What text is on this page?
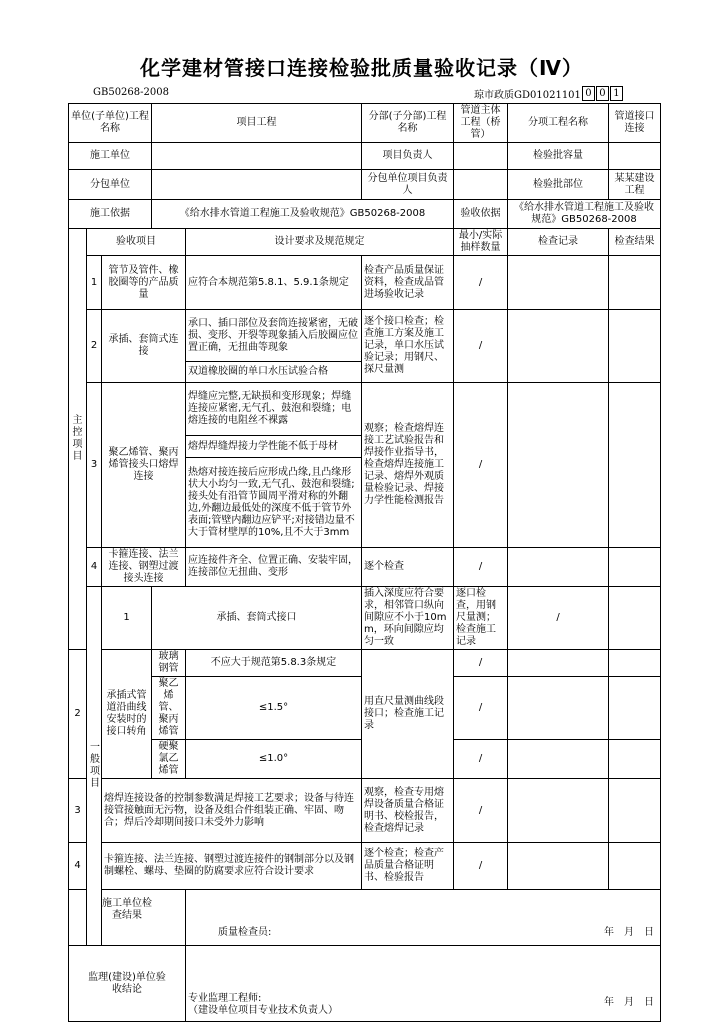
化学建材管接口连接检验批质量验收记录（Ⅳ）
GB50268-2008	琼市政质GD01021101 0 0 1
单位(子单位)工程名称			项目工程		分部(子分部)工程名称	管道主体工程（桥管）	分项工程名称	管道接口连接	
施工单位					项目负责人		检验批容量		
分包单位					分包单位项目负责人		检验批部位	某某建设工程	
施工依据			《给水排水管道工程施工及验收规范》GB50268-2008			验收依据	《给水排水管道工程施工及验收规范》GB50268-2008		
主控项目	验收项目			设计要求及规范规定		最小/实际抽样数量	检查记录	检查结果	
	1	管节及管件、橡胶圈等的产品质量		应符合本规范第5.8.1、5.9.1条规定	检查产品质量保证资料，检查成品管进场验收记录	/			
	2	承插、套筒式连接		承口、插口部位及套筒连接紧密，无破损、变形、开裂等现象插入后胶圈应位置正确，无扭曲等现象	逐个接口检查；检查施工方案及施工记录，单口水压试验记录；用钢尺、探尺量测	/			
				双道橡胶圈的单口水压试验合格					
	3	聚乙烯管、聚丙烯管接头口熔焊连接		焊缝应完整,无缺损和变形现象；焊缝连接应紧密,无气孔、鼓泡和裂缝；电熔连接的电阻丝不裸露	观察；检查熔焊连接工艺试验报告和焊接作业指导书，检查熔焊连接施工记录、熔焊外观质量检验记录、焊接力学性能检测报告	/			
				熔焊焊缝焊接力学性能不低于母材					
				热熔对接连接后应形成凸缘,且凸缘形状大小均匀一致,无气孔、鼓泡和裂缝;接头处有沿管节圆周平滑对称的外翻边,外翻边最低处的深度不低于管节外表面;管壁内翻边应铲平;对接错边量不大于管材壁厚的10%,且不大于3mm					
	4	卡箍连接、法兰连接、钢塑过渡接头连接		应连接件齐全、位置正确、安装牢固，连接部位无扭曲、变形	逐个检查	/			
	一般项目	1	承插、套筒式接口		插入深度应符合要求，相邻管口纵向间隙应不小于10mm，环向间隙应均匀一致	逐口检查，用钢尺量测；检查施工记录	/		
2		承插式管道沿曲线安装时的接口转角	玻璃钢管	不应大于规范第5.8.3条规定	用直尺量测曲线段接口；检查施工记录	/			
			聚乙烯管、聚丙烯管	≤1.5°		/			
			硬聚氯乙烯管	≤1.0°		/			
3		熔焊连接设备的控制参数满足焊接工艺要求；设备与待连接管接触面无污物，设备及组合件组装正确、牢固、吻合；焊后冷却期间接口未受外力影响			观察，检查专用熔焊设备质量合格证明书、校检报告，检查熔焊记录	/			
4		卡箍连接、法兰连接、钢塑过渡连接件的钢制部分以及钢制螺栓、螺母、垫圈的防腐要求应符合设计要求			逐个检查；检查产品质量合格证明书、检验报告	/			
施工单位检查结果				质量检查员: 年　月　日					

监理(建设)单位验收结论				专业监理工程师:
（建设单位项目专业技术负责人）
年　月　日					
